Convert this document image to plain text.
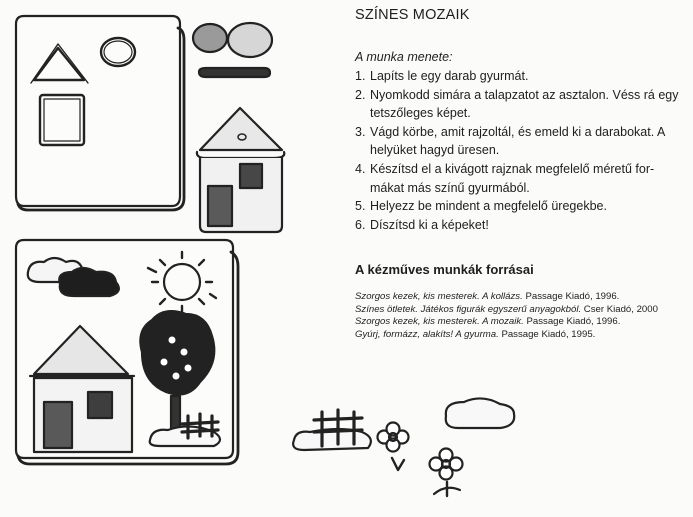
SZÍNES MOZAIK
A munka menete:
1. Lapíts le egy darab gyurmát.
2. Nyomkodd simára a talapzatot az asztalon. Véss rá egy
tetszőleges képet.
3. Vágd körbe, amit rajzoltál, és emeld ki a darabokat. A
helyüket hagyd üresen.
4. Készítsd el a kivágott rajznak megfelelő méretű for-
mákat más színű gyurmából.
5. Helyezz be mindent a megfelelő üregekbe.
6. Díszítsd ki a képeket!
A kézműves munkák forrásai
Szorgos kezek, kis mesterek. A kollázs. Passage Kiadó, 1996.
Színes ötletek. Játékos figurák egyszerű anyagokból. Cser Kiadó, 2000
Szorgos kezek, kis mesterek. A mozaik. Passage Kiadó, 1996.
Gyúrj, formázz, alakíts! A gyurma. Passage Kiadó, 1995.
